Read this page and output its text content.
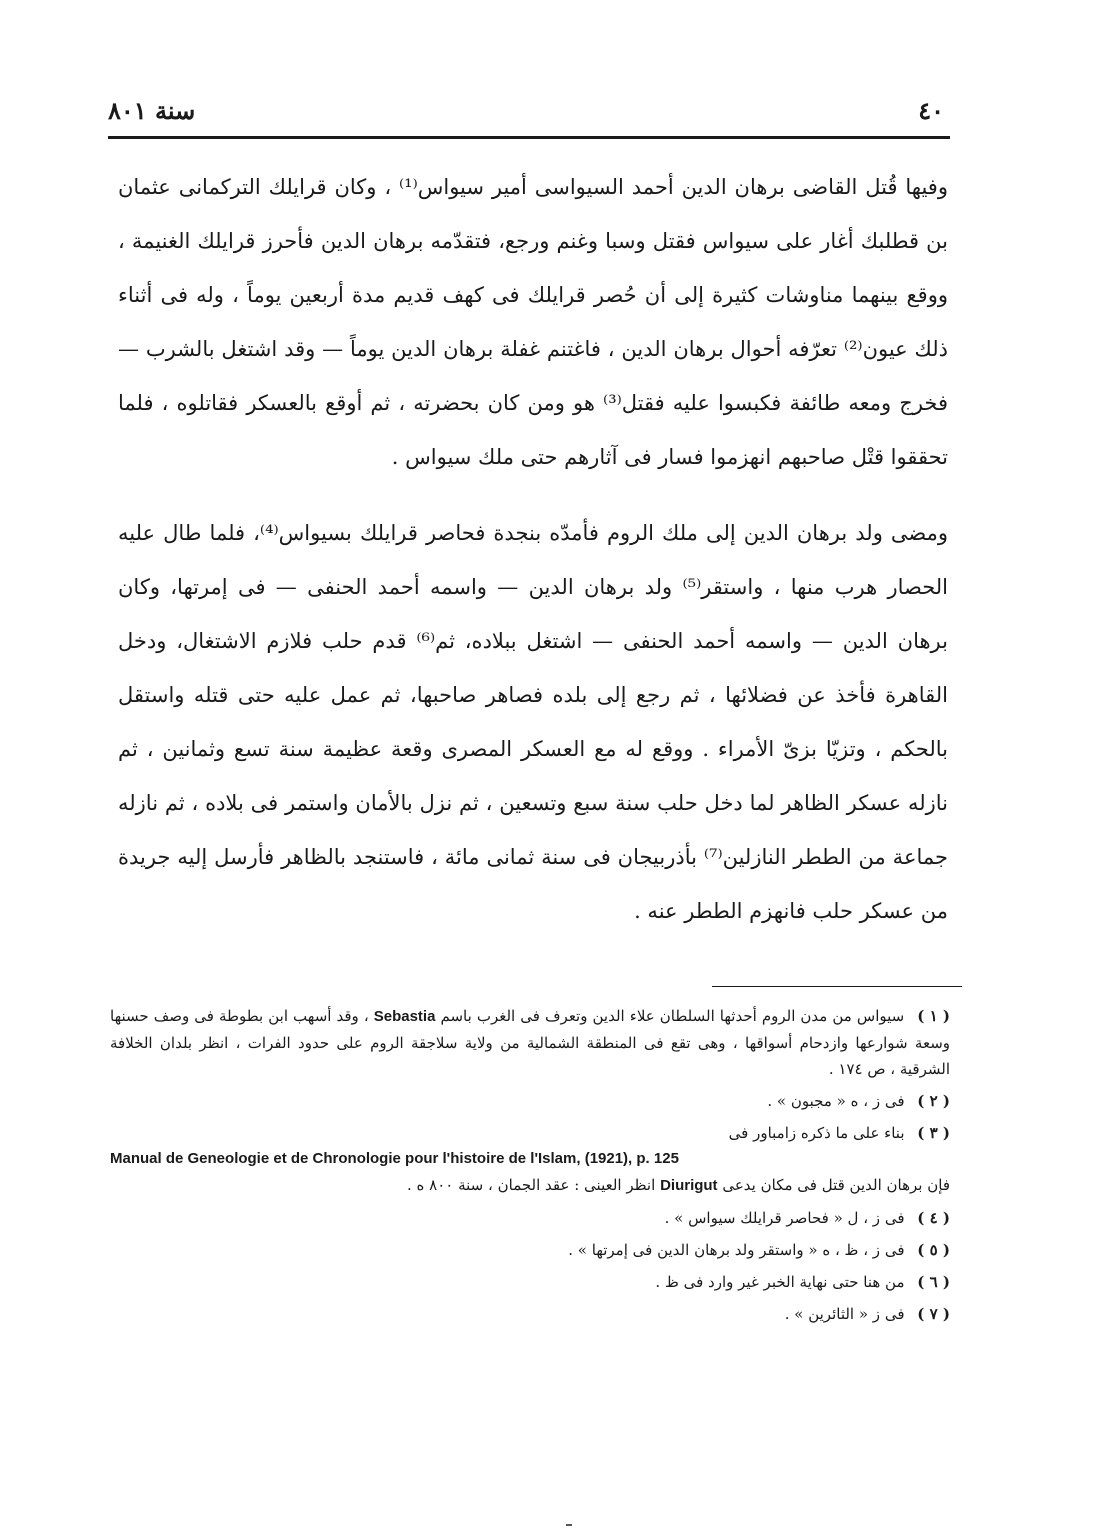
٤٠
سنة ٨٠١

وفيها قُتل القاضى برهان الدين أحمد السيواسى أمير سيواس⁽¹⁾ ، وكان قرايلك التركمانى عثمان بن قطلبك أغار على سيواس فقتل وسبا وغنم ورجع، فتقدّمه برهان الدين فأحرز قرايلك الغنيمة ، ووقع بينهما مناوشات كثيرة إلى أن حُصر قرايلك فى كهف قديم مدة أربعين يوماً ، وله فى أثناء ذلك عيون⁽²⁾ تعرّفه أحوال برهان الدين ، فاغتنم غفلة برهان الدين يوماً — وقد اشتغل بالشرب — فخرج ومعه طائفة فكبسوا عليه فقتل⁽³⁾ هو ومن كان بحضرته ، ثم أوقع بالعسكر فقاتلوه ، فلما تحققوا قتْل صاحبهم انهزموا فسار فى آثارهم حتى ملك سيواس .

ومضى ولد برهان الدين إلى ملك الروم فأمدّه بنجدة فحاصر قرايلك بسيواس⁽⁴⁾، فلما طال عليه الحصار هرب منها ، واستقر⁽⁵⁾ ولد برهان الدين — واسمه أحمد الحنفى — فى إمرتها، وكان برهان الدين — واسمه أحمد الحنفى — اشتغل ببلاده، ثم⁽⁶⁾ قدم حلب فلازم الاشتغال، ودخل القاهرة فأخذ عن فضلائها ، ثم رجع إلى بلده فصاهر صاحبها، ثم عمل عليه حتى قتله واستقل بالحكم ، وتزيّا بزىّ الأمراء . ووقع له مع العسكر المصرى وقعة عظيمة سنة تسع وثمانين ، ثم نازله عسكر الظاهر لما دخل حلب سنة سبع وتسعين ، ثم نزل بالأمان واستمر فى بلاده ، ثم نازله جماعة من الططر النازلين⁽⁷⁾ بأذربيجان فى سنة ثمانى مائة ، فاستنجد بالظاهر فأرسل إليه جريدة من عسكر حلب فانهزم الططر عنه .

( ١ ) سيواس من مدن الروم أحدثها السلطان علاء الدين وتعرف فى الغرب باسم Sebastia ، وقد أسهب ابن بطوطة فى وصف حسنها وسعة شوارعها وازدحام أسواقها ، وهى تقع فى المنطقة الشمالية من ولاية سلاجقة الروم على حدود الفرات ، انظر بلدان الخلافة الشرقية ، ص ١٧٤ .

( ٢ ) فى ز ، ه « مجبون » .

( ٣ ) بناء على ما ذكره زامباور فى

Manual de Geneologie et de Chronologie pour l'histoire de l'Islam, (1921), p. 125

فإن برهان الدين قتل فى مكان يدعى Diurigut انظر العينى : عقد الجمان ، سنة ٨٠٠ ه .

( ٤ ) فى ز ، ل « فحاصر قرايلك سيواس » .

( ٥ ) فى ز ، ظ ، ه « واستقر ولد برهان الدين فى إمرتها » .

( ٦ ) من هنا حتى نهاية الخبر غير وارد فى ظ .

( ٧ ) فى ز « الثائرين » .
